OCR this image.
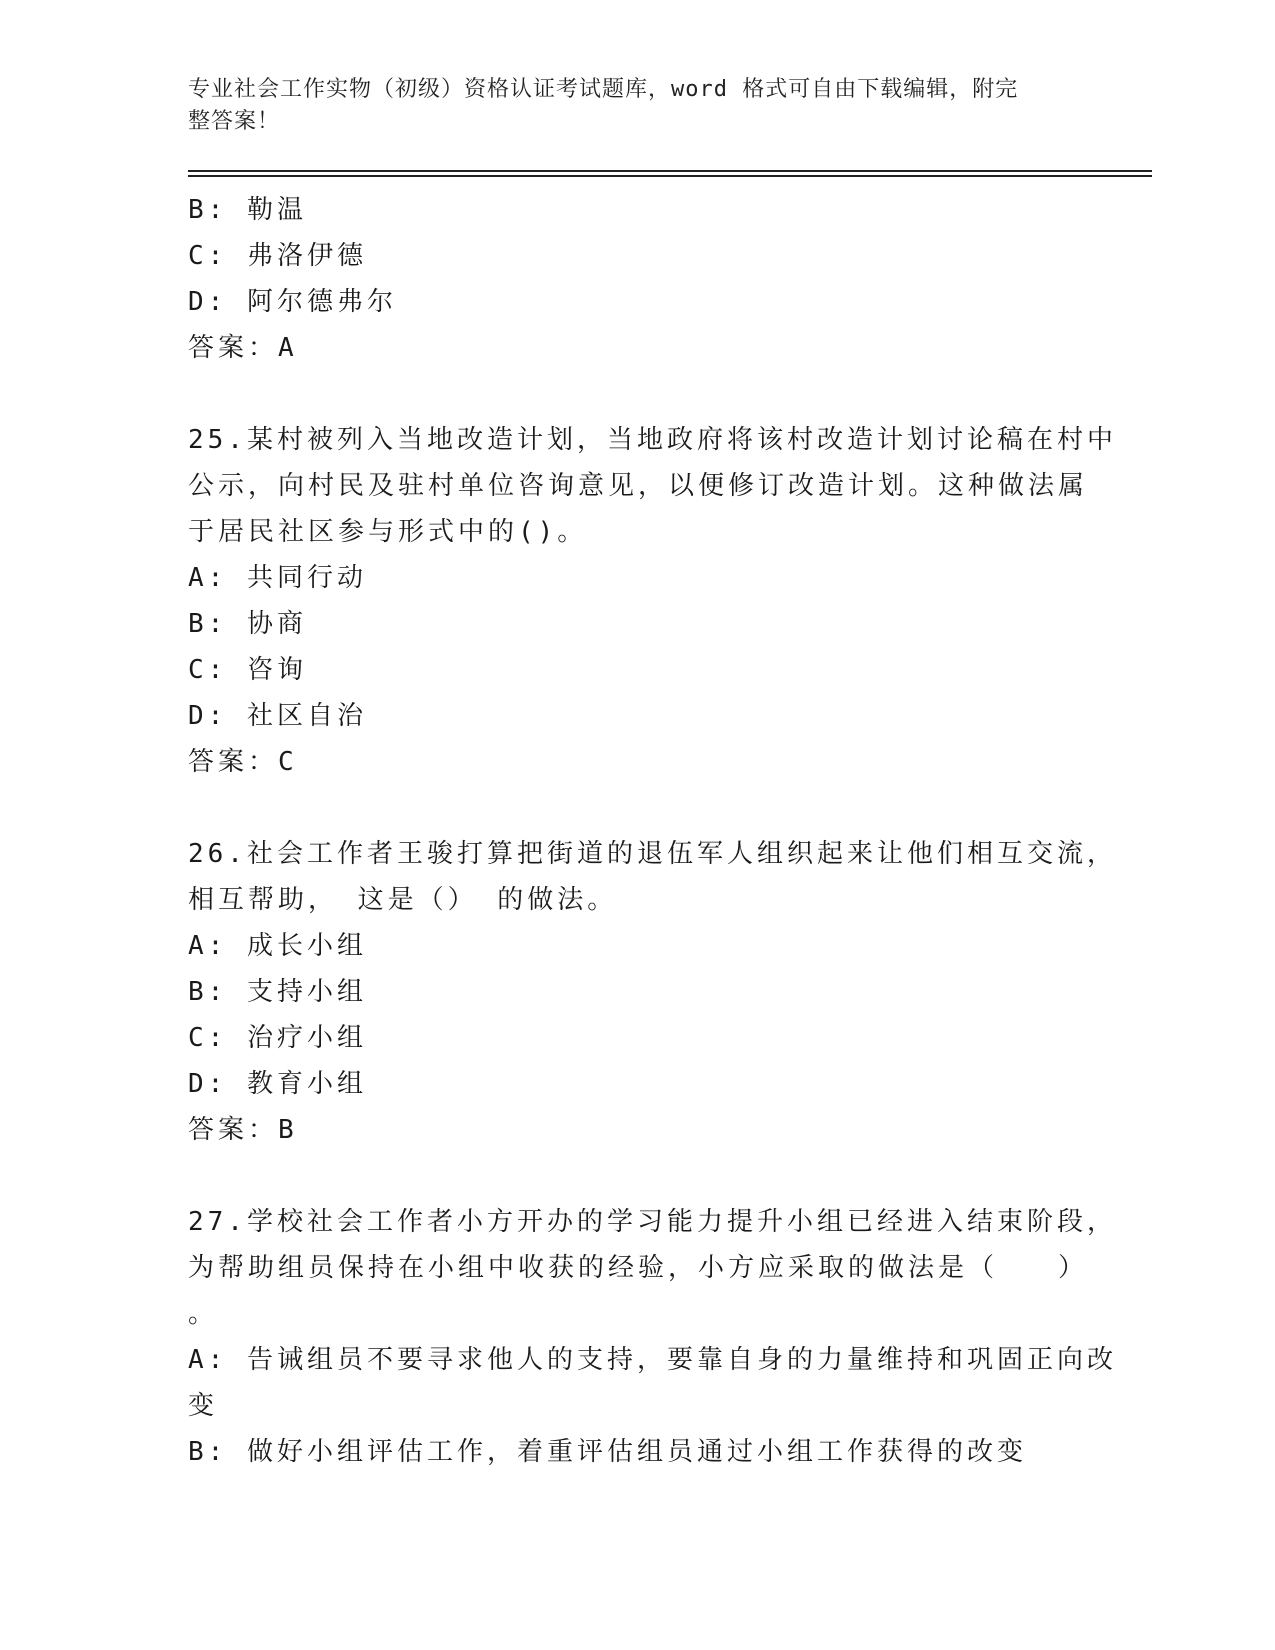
专业社会工作实物（初级）资格认证考试题库，word 格式可自由下载编辑，附完
整答案！
B: 勒温
C: 弗洛伊德
D: 阿尔德弗尔
答案：A
25.某村被列入当地改造计划，当地政府将该村改造计划讨论稿在村中
公示，向村民及驻村单位咨询意见，以便修订改造计划。这种做法属
于居民社区参与形式中的()。
A: 共同行动
B: 协商
C: 咨询
D: 社区自治
答案：C
26.社会工作者王骏打算把街道的退伍军人组织起来让他们相互交流，
相互帮助， 这是（） 的做法。
A: 成长小组
B: 支持小组
C: 治疗小组
D: 教育小组
答案：B
27.学校社会工作者小方开办的学习能力提升小组已经进入结束阶段，
为帮助组员保持在小组中收获的经验，小方应采取的做法是（　　）
。
A: 告诫组员不要寻求他人的支持，要靠自身的力量维持和巩固正向改
变
B: 做好小组评估工作，着重评估组员通过小组工作获得的改变
